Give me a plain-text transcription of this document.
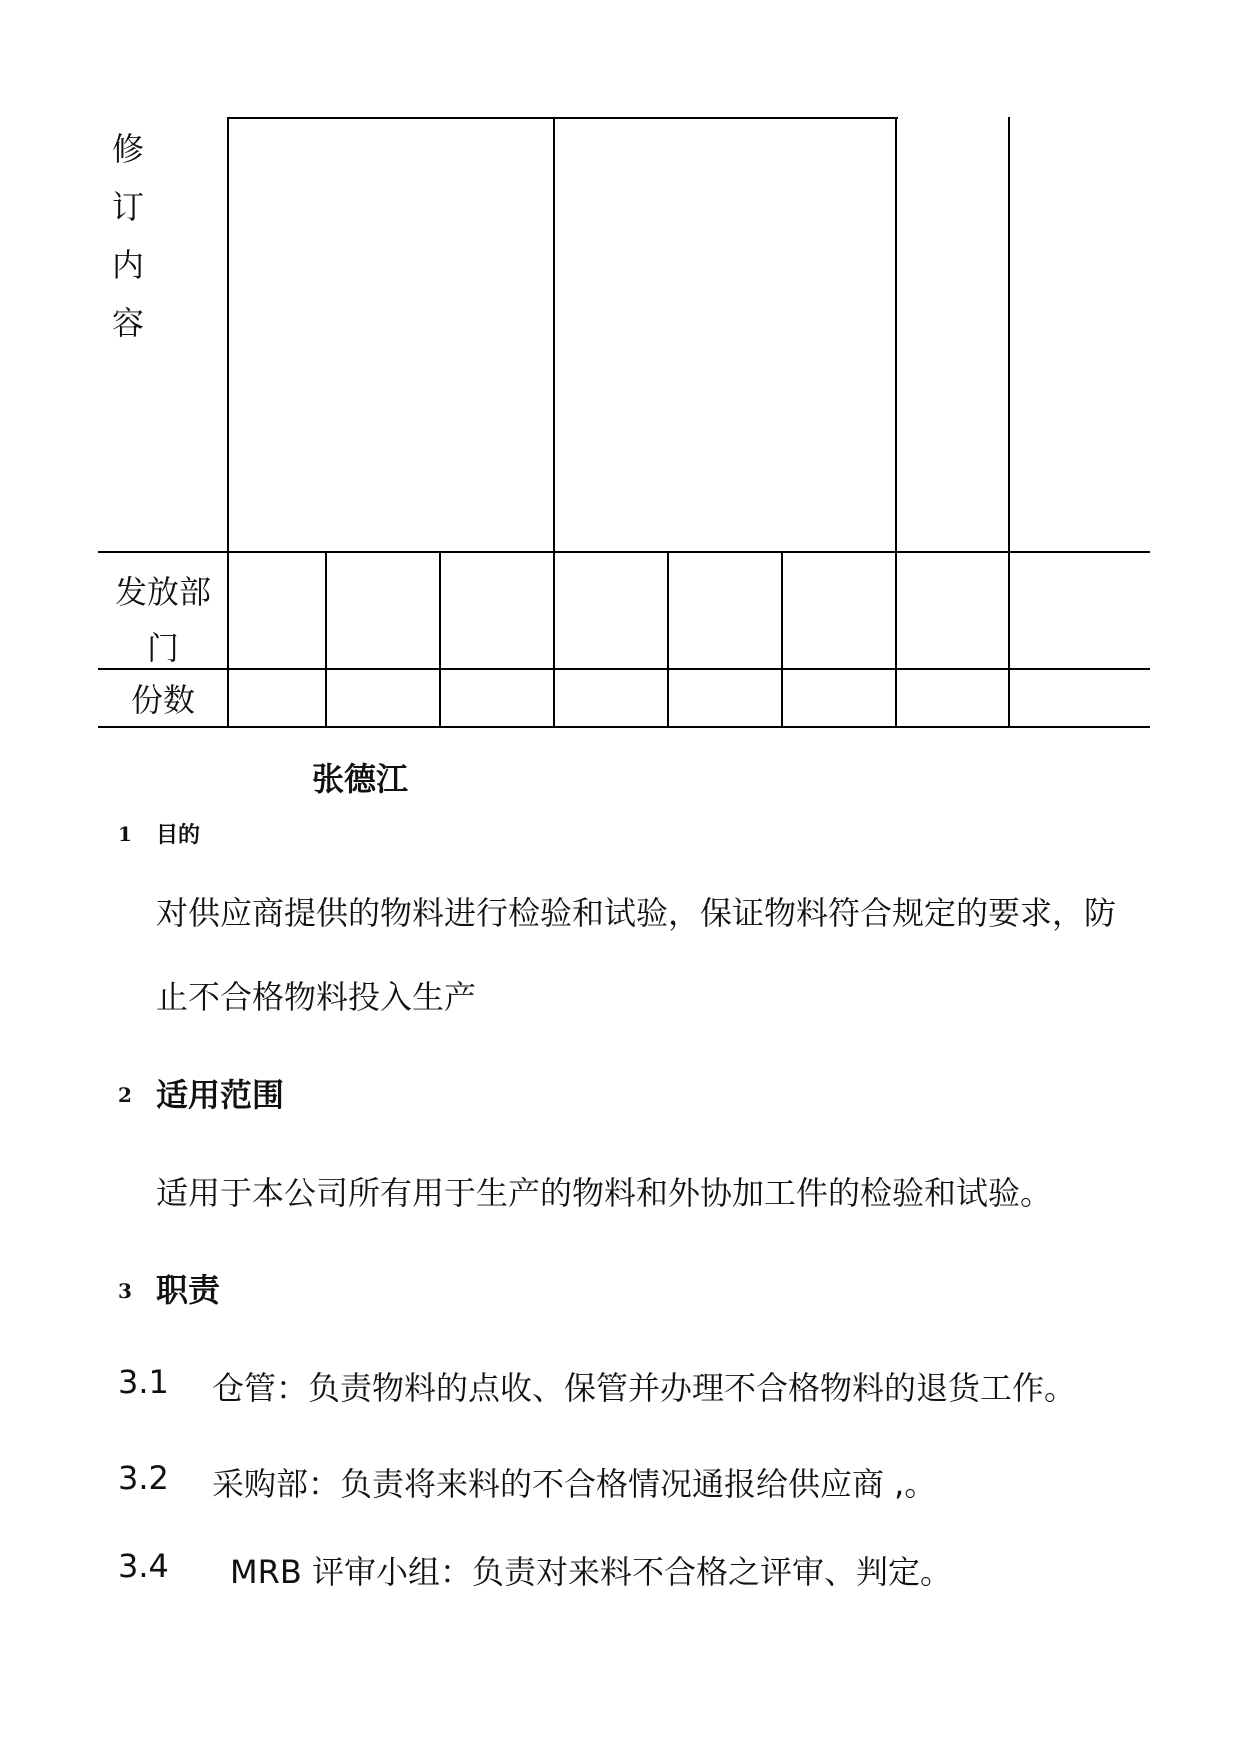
修
订
内
容
发放部
门
份数
张德江
1 目的
对供应商提供的物料进行检验和试验，保证物料符合规定的要求，防
止不合格物料投入生产
2 适用范围
适用于本公司所有用于生产的物料和外协加工件的检验和试验。
3 职责
3.1 仓管：负责物料的点收、保管并办理不合格物料的退货工作。
3.2 采购部：负责将来料的不合格情况通报给供应商 ,。
3.4 MRB 评审小组：负责对来料不合格之评审、判定。
